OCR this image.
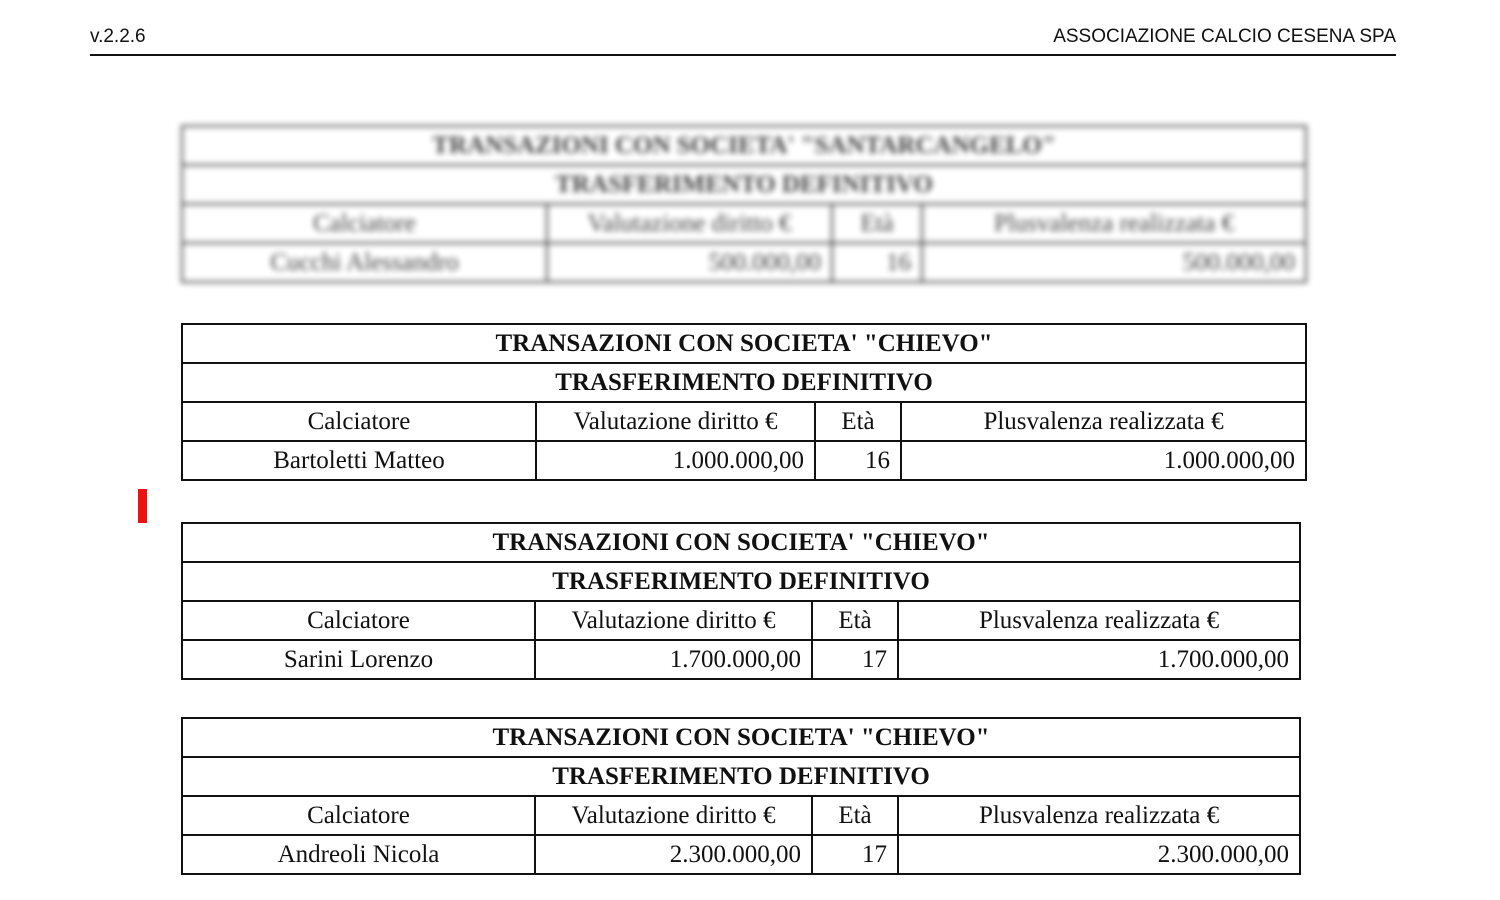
v.2.2.6	ASSOCIAZIONE CALCIO CESENA SPA
TRANSAZIONI CON SOCIETA' "SANTARCANGELO"			
TRASFERIMENTO DEFINITIVO			
Calciatore	Valutazione diritto €	Età	Plusvalenza realizzata €
Cucchi Alessandro	500.000,00	16	500.000,00
TRANSAZIONI CON SOCIETA' "CHIEVO"			
TRASFERIMENTO DEFINITIVO			
Calciatore	Valutazione diritto €	Età	Plusvalenza realizzata €
Bartoletti Matteo	1.000.000,00	16	1.000.000,00
TRANSAZIONI CON SOCIETA' "CHIEVO"			
TRASFERIMENTO DEFINITIVO			
Calciatore	Valutazione diritto €	Età	Plusvalenza realizzata €
Sarini Lorenzo	1.700.000,00	17	1.700.000,00
TRANSAZIONI CON SOCIETA' "CHIEVO"			
TRASFERIMENTO DEFINITIVO			
Calciatore	Valutazione diritto €	Età	Plusvalenza realizzata €
Andreoli Nicola	2.300.000,00	17	2.300.000,00
